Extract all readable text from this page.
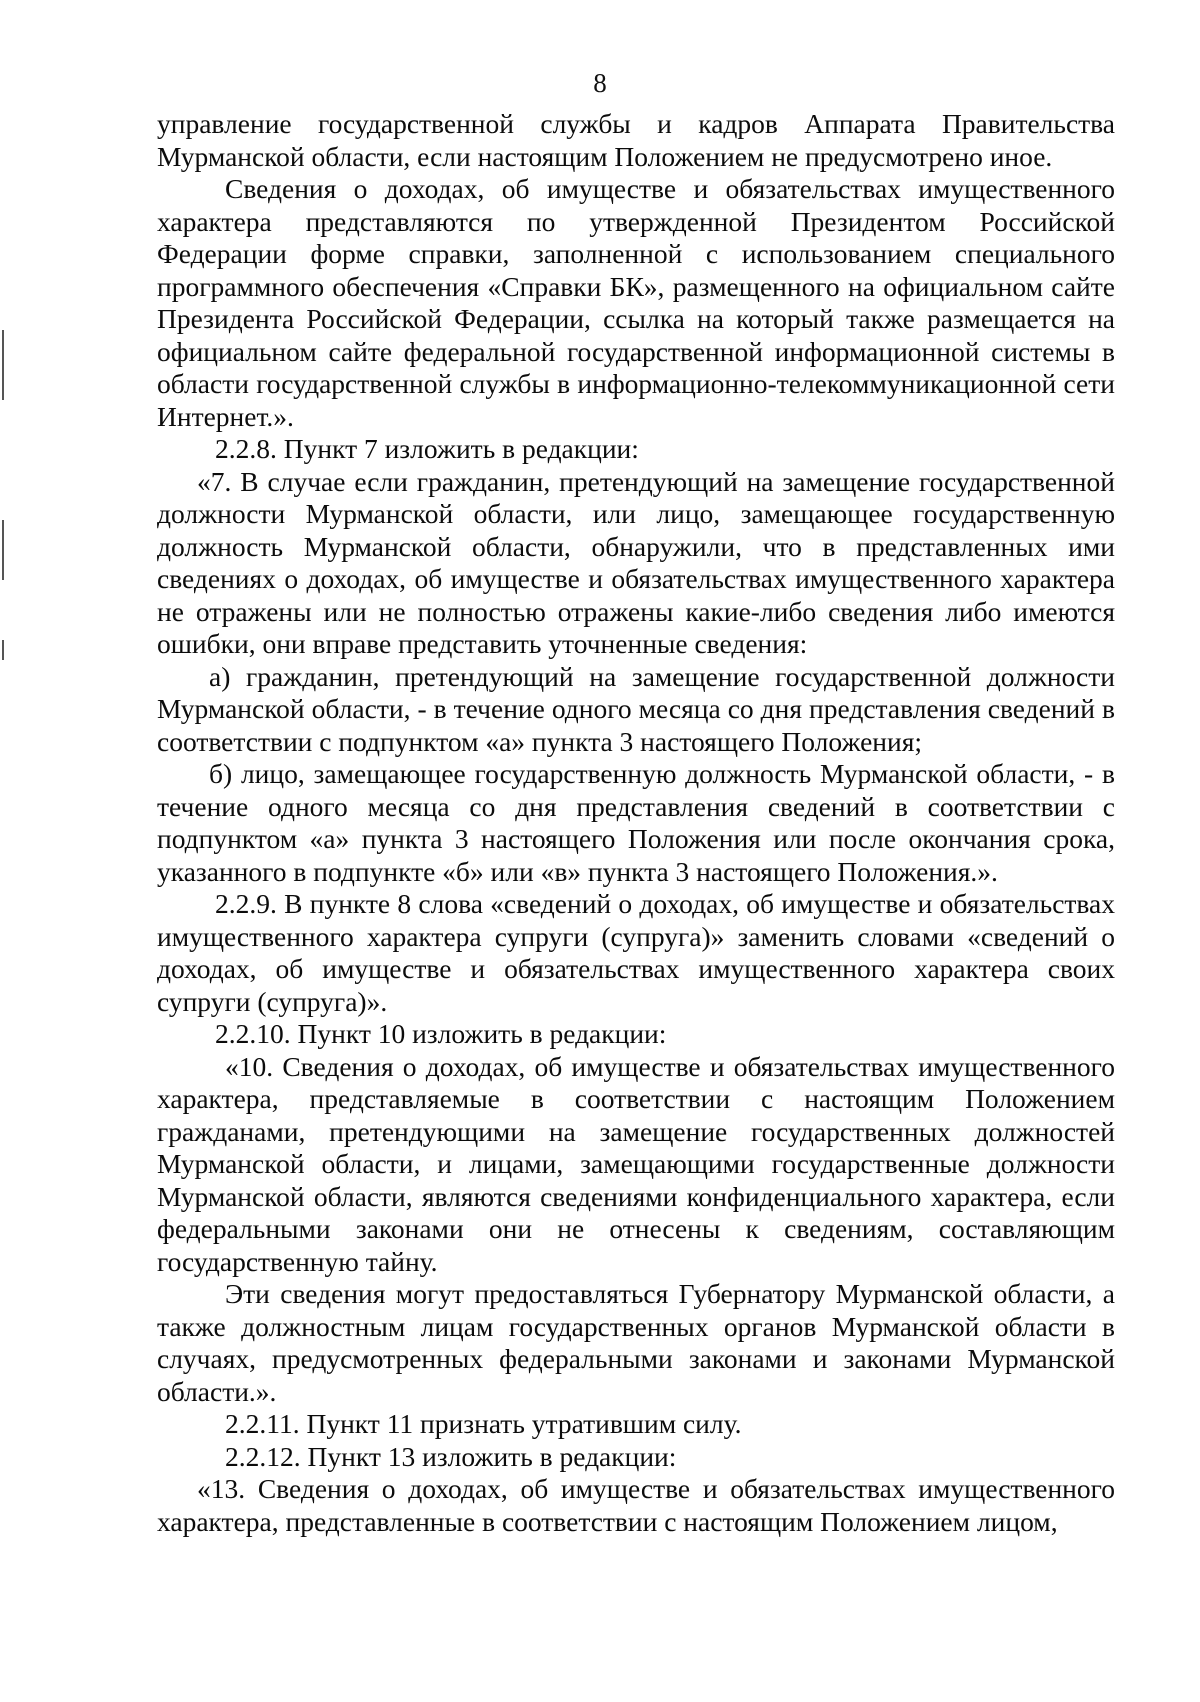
8

управление государственной службы и кадров Аппарата Правительства Мурманской области, если настоящим Положением не предусмотрено иное.

Сведения о доходах, об имуществе и обязательствах имущественного характера представляются по утвержденной Президентом Российской Федерации форме справки, заполненной с использованием специального программного обеспечения «Справки БК», размещенного на официальном сайте Президента Российской Федерации, ссылка на который также размещается на официальном сайте федеральной государственной информационной системы в области государственной службы в информационно-телекоммуникационной сети Интернет.».

2.2.8. Пункт 7 изложить в редакции:

«7. В случае если гражданин, претендующий на замещение государственной должности Мурманской области, или лицо, замещающее государственную должность Мурманской области, обнаружили, что в представленных ими сведениях о доходах, об имуществе и обязательствах имущественного характера не отражены или не полностью отражены какие-либо сведения либо имеются ошибки, они вправе представить уточненные сведения:

а) гражданин, претендующий на замещение государственной должности Мурманской области, - в течение одного месяца со дня представления сведений в соответствии с подпунктом «а» пункта 3 настоящего Положения;

б) лицо, замещающее государственную должность Мурманской области, - в течение одного месяца со дня представления сведений в соответствии с подпунктом «а» пункта 3 настоящего Положения или после окончания срока, указанного в подпункте «б» или «в» пункта 3 настоящего Положения.».

2.2.9. В пункте 8 слова «сведений о доходах, об имуществе и обязательствах имущественного характера супруги (супруга)» заменить словами «сведений о доходах, об имуществе и обязательствах имущественного характера своих супруги (супруга)».

2.2.10. Пункт 10 изложить в редакции:

«10. Сведения о доходах, об имуществе и обязательствах имущественного характера, представляемые в соответствии с настоящим Положением гражданами, претендующими на замещение государственных должностей Мурманской области, и лицами, замещающими государственные должности Мурманской области, являются сведениями конфиденциального характера, если федеральными законами они не отнесены к сведениям, составляющим государственную тайну.

Эти сведения могут предоставляться Губернатору Мурманской области, а также должностным лицам государственных органов Мурманской области в случаях, предусмотренных федеральными законами и законами Мурманской области.».

2.2.11. Пункт 11 признать утратившим силу.

2.2.12. Пункт 13 изложить в редакции:

«13. Сведения о доходах, об имуществе и обязательствах имущественного характера, представленные в соответствии с настоящим Положением лицом,
